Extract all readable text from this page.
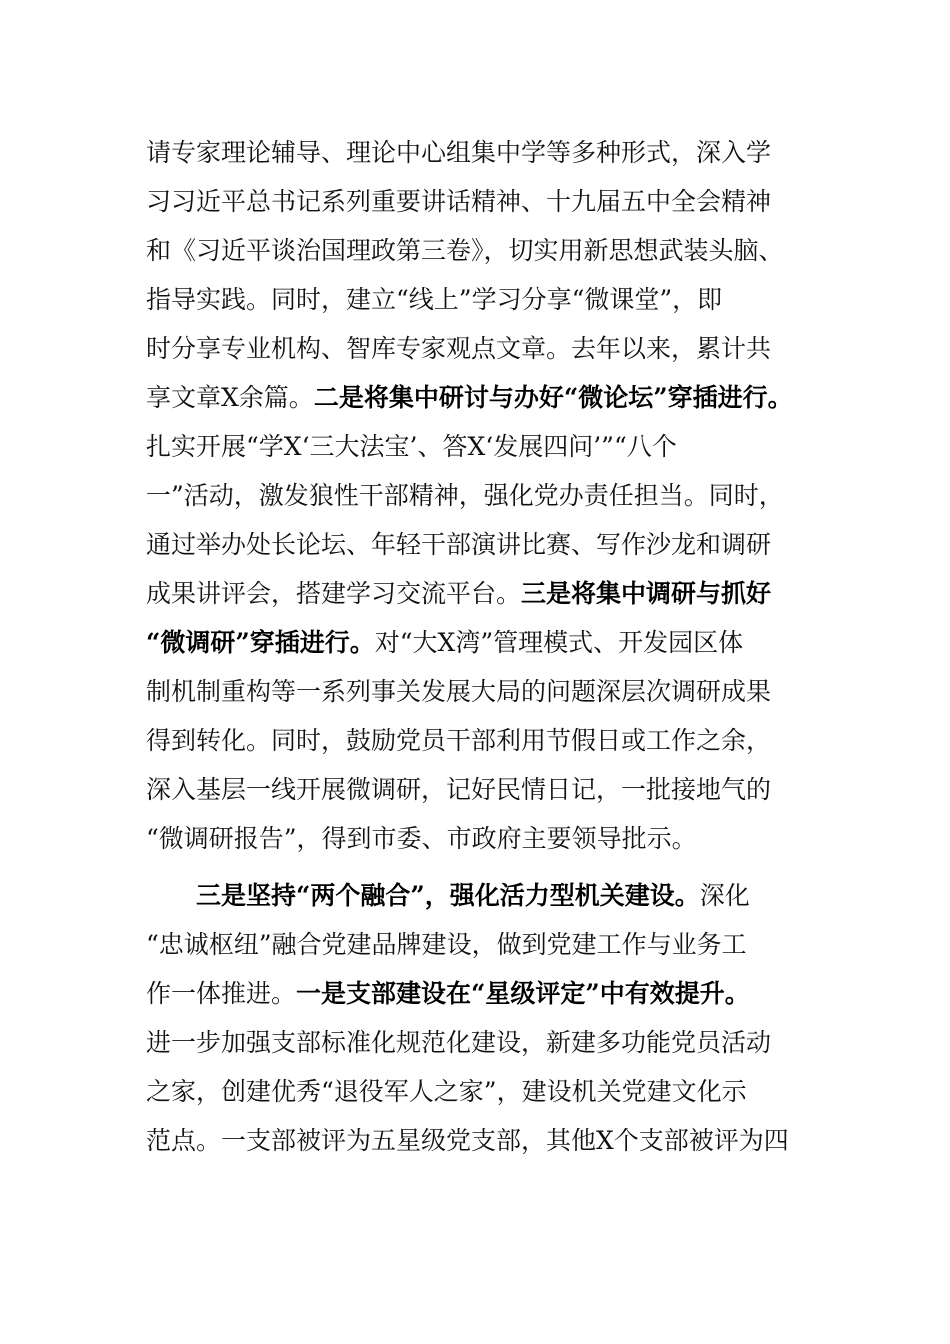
请专家理论辅导、理论中心组集中学等多种形式，深入学
习习近平总书记系列重要讲话精神、十九届五中全会精神
和《习近平谈治国理政第三卷》，切实用新思想武装头脑、
指导实践。同时，建立“线上”学习分享“微课堂”，即
时分享专业机构、智库专家观点文章。去年以来，累计共
享文章X余篇。二是将集中研讨与办好“微论坛”穿插进行。
扎实开展“学X‘三大法宝’、答X‘发展四问’”“八个
一”活动，激发狼性干部精神，强化党办责任担当。同时，
通过举办处长论坛、年轻干部演讲比赛、写作沙龙和调研
成果讲评会，搭建学习交流平台。三是将集中调研与抓好
“微调研”穿插进行。对“大X湾”管理模式、开发园区体
制机制重构等一系列事关发展大局的问题深层次调研成果
得到转化。同时，鼓励党员干部利用节假日或工作之余，
深入基层一线开展微调研，记好民情日记，一批接地气的
“微调研报告”，得到市委、市政府主要领导批示。
三是坚持“两个融合”，强化活力型机关建设。深化
“忠诚枢纽”融合党建品牌建设，做到党建工作与业务工
作一体推进。一是支部建设在“星级评定”中有效提升。
进一步加强支部标准化规范化建设，新建多功能党员活动
之家，创建优秀“退役军人之家”，建设机关党建文化示
范点。一支部被评为五星级党支部，其他X个支部被评为四
